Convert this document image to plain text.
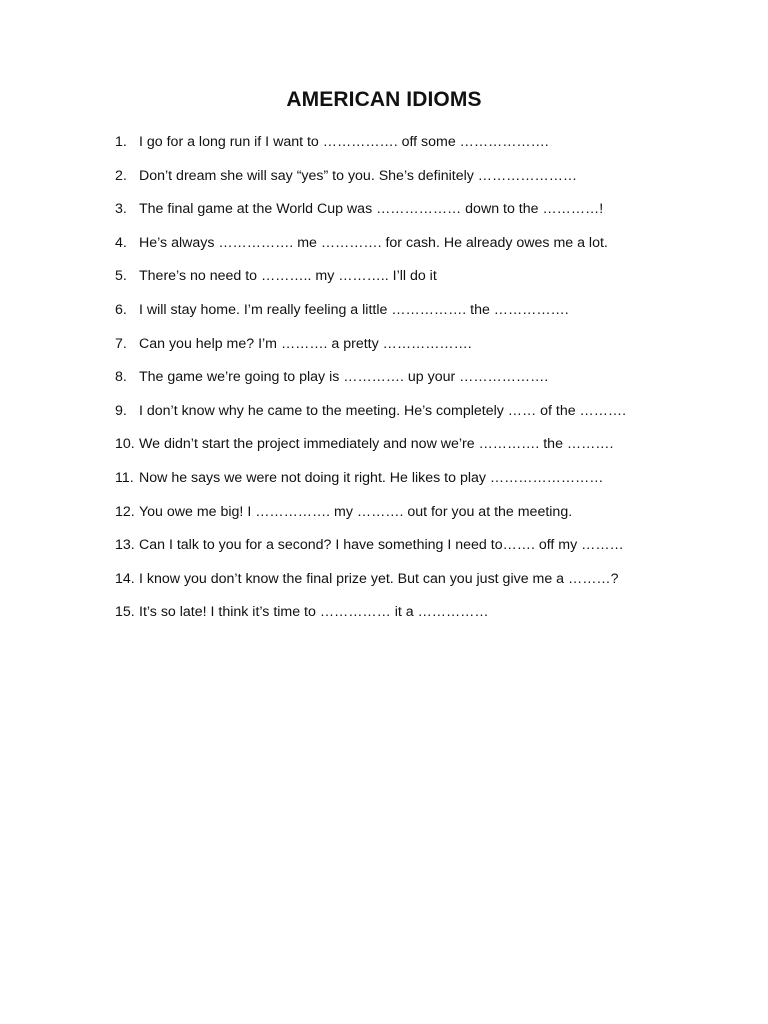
AMERICAN IDIOMS
1. I go for a long run if I want to ……………. off some ……………….
2. Don’t dream she will say “yes” to you. She’s definitely …………………
3. The final game at the World Cup was ……………… down to the …………!
4. He’s always ……………. me …………. for cash. He already owes me a lot.
5. There’s no need to ……….. my ……….. I’ll do it
6. I will stay home. I’m really feeling a little ……………. the …………….
7. Can you help me? I’m ………. a pretty ……………….
8. The game we’re going to play is …………. up your ……………….
9. I don’t know why he came to the meeting. He’s completely …… of the ……….
10. We didn’t start the project immediately and now we’re …………. the ……….
11. Now he says we were not doing it right. He likes to play ……………………
12. You owe me big! I ……………. my ………. out for you at the meeting.
13. Can I talk to you for a second? I have something I need to……. off my ………
14. I know you don’t know the final prize yet. But can you just give me a ………?
15. It’s so late! I think it’s time to …………… it a ……………
